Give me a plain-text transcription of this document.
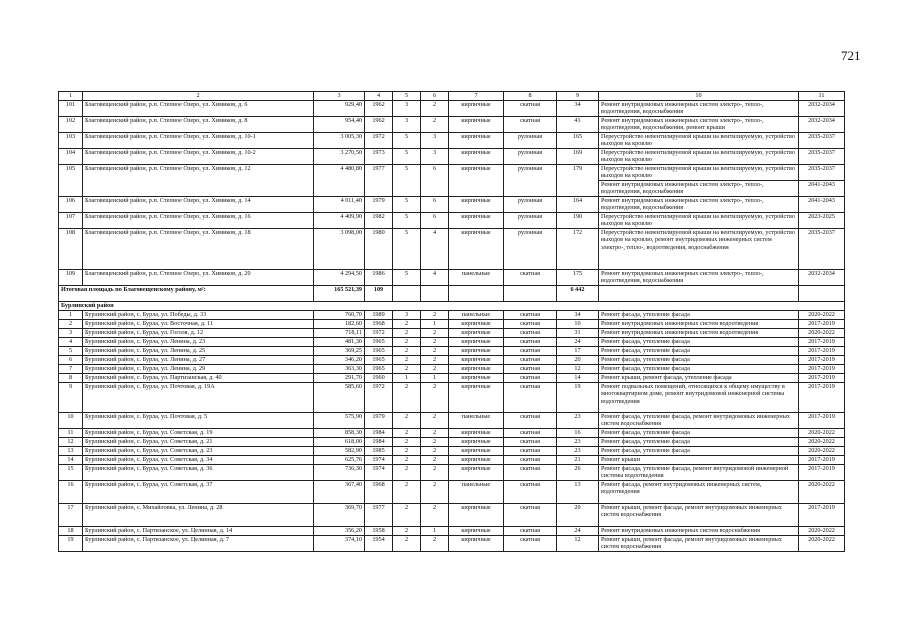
721
1	2	3	4	5	6	7	8	9	10	11
101	Благовещенский район, р.п. Степное Озеро, ул. Химиков, д. 6	929,40	1962	3	2	кирпичные	скатная	34	Ремонт внутридомовых инженерных систем электро-, тепло-, водоотведения, водоснабжения	2032-2034
102	Благовещенский район, р.п. Степное Озеро, ул. Химиков, д. 8	954,40	1962	3	2	кирпичные	скатная	41	Ремонт внутридомовых инженерных систем электро-, тепло-, водоотведения, водоснабжения, ремонт крыши	2032-2034
103	Благовещенский район, р.п. Степное Озеро, ул. Химиков, д. 10-1	3 005,30	1972	5	3	кирпичные	рулонная	165	Переустройство невентилируемой крыши на вентилируемую, устройство выходов на кровлю	2035-2037
104	Благовещенский район, р.п. Степное Озеро, ул. Химиков, д. 10-2	3 270,50	1973	5	3	кирпичные	рулонная	169	Переустройство невентилируемой крыши на вентилируемую, устройство выходов на кровлю	2035-2037
105	Благовещенский район, р.п. Степное Озеро, ул. Химиков, д. 12	4 480,80	1977	5	6	кирпичные	рулонная	179	Переустройство невентилируемой крыши на вентилируемую, устройство выходов на кровлю	2035-2037
									Ремонт внутридомовых инженерных систем электро-, тепло-, водоотведения, водоснабжения	2041-2043
106	Благовещенский район, р.п. Степное Озеро, ул. Химиков, д. 14	4 011,40	1979	5	6	кирпичные	рулонная	164	Ремонт внутридомовых инженерных систем электро-, тепло-, водоотведения, водоснабжения	2041-2043
107	Благовещенский район, р.п. Степное Озеро, ул. Химиков, д. 16	4 409,90	1982	5	6	кирпичные	рулонная	190	Переустройство невентилируемой крыши на вентилируемую, устройство выходов на кровлю	2023-2025
108	Благовещенский район, р.п. Степное Озеро, ул. Химиков, д. 18	3 098,00	1980	5	4	кирпичные	рулонная	172	Переустройство невентилируемой крыши на вентилируемую, устройство выходов на кровлю, ремонт внутридомовых инженерных систем электро-, тепло-, водоотведения, водоснабжения	2035-2037
109	Благовещенский район, р.п. Степное Озеро, ул. Химиков, д. 20	4 294,50	1986	5	4	панельные	скатная	175	Ремонт внутридомовых инженерных систем электро-, тепло-, водоотведения, водоснабжения	2032-2034
Итоговая площадь по Благовещенскому району, м²:		165 521,39	109					6 442		
Бурлинский район										
1	Бурлинский район, с. Бурла, ул. Победы, д. 33	760,70	1989	3	2	панельные	скатная	34	Ремонт фасада, утепление фасада	2020-2022
2	Бурлинский район, с. Бурла, ул. Восточная, д. 11	182,60	1968	2	1	кирпичные	скатная	10	Ремонт внутридомовых инженерных систем водоотведения	2017-2019
3	Бурлинский район, с. Бурла, ул. Гоголя, д. 12	718,11	1972	2	2	кирпичные	скатная	31	Ремонт внутридомовых инженерных систем водоотведения	2020-2022
4	Бурлинский район, с. Бурла, ул. Ленина, д. 23	481,30	1965	2	2	кирпичные	скатная	24	Ремонт фасада, утепление фасада	2017-2019
5	Бурлинский район, с. Бурла, ул. Ленина, д. 25	369,25	1965	2	2	кирпичные	скатная	17	Ремонт фасада, утепление фасада	2017-2019
6	Бурлинский район, с. Бурла, ул. Ленина, д. 27	346,20	1965	2	2	кирпичные	скатная	20	Ремонт фасада, утепление фасада	2017-2019
7	Бурлинский район, с. Бурла, ул. Ленина, д. 29	363,30	1965	2	2	кирпичные	скатная	12	Ремонт фасада, утепление фасада	2017-2019
8	Бурлинский район, с. Бурла, ул. Партизанская, д. 40	291,70	1960	1	1	кирпичные	скатная	14	Ремонт крыши, ремонт фасада, утепление фасада	2017-2019
9	Бурлинский район, с. Бурла, ул. Почтовая, д. 19А	585,60	1972	2	2	кирпичные	скатная	19	Ремонт подвальных помещений, относящихся к общему имуществу в многоквартирном доме, ремонт внутридомовой инженерной системы водоотведения	2017-2019
10	Бурлинский район, с. Бурла, ул. Почтовая, д. 5	575,90	1979	2	2	панельные	скатная	23	Ремонт фасада, утепление фасада, ремонт внутридомовых инженерных систем водоснабжения	2017-2019
11	Бурлинский район, с. Бурла, ул. Советская, д. 19	858,30	1984	2	2	кирпичные	скатная	16	Ремонт фасада, утепление фасада	2020-2022
12	Бурлинский район, с. Бурла, ул. Советская, д. 21	618,00	1984	2	2	кирпичные	скатная	23	Ремонт фасада, утепление фасада	2020-2022
13	Бурлинский район, с. Бурла, ул. Советская, д. 23	582,90	1985	2	2	кирпичные	скатная	23	Ремонт фасада, утепление фасада	2020-2022
14	Бурлинский район, с. Бурла, ул. Советская, д. 34	625,76	1974	2	2	кирпичные	скатная	21	Ремонт крыши	2017-2019
15	Бурлинский район, с. Бурла, ул. Советская, д. 36	736,30	1974	2	2	кирпичные	скатная	26	Ремонт фасада, утепление фасада, ремонт внутридомовой инженерной системы водоотведения	2017-2019
16	Бурлинский район, с. Бурла, ул. Советская, д. 37	367,40	1968	2	2	панельные	скатная	13	Ремонт фасада, ремонт внутридомовых инженерных систем, водоотведения	2020-2022
17	Бурлинский район, с. Михайловка, ул. Ленина, д. 28	369,70	1977	2	2	кирпичные	скатная	20	Ремонт крыши, ремонт фасада, ремонт внутридомовых инженерных систем водоснабжения	2017-2019
18	Бурлинский район, с. Партизанское, ул. Целинная, д. 14	356,20	1958	2	1	кирпичные	скатная	24	Ремонт внутридомовых инженерных систем водоснабжения	2020-2022
19	Бурлинский район, с. Партизанское, ул. Целинная, д. 7	374,10	1954	2	2	кирпичные	скатная	12	Ремонт крыши, ремонт фасада, ремонт внутридомовых инженерных систем водоснабжения	2020-2022
